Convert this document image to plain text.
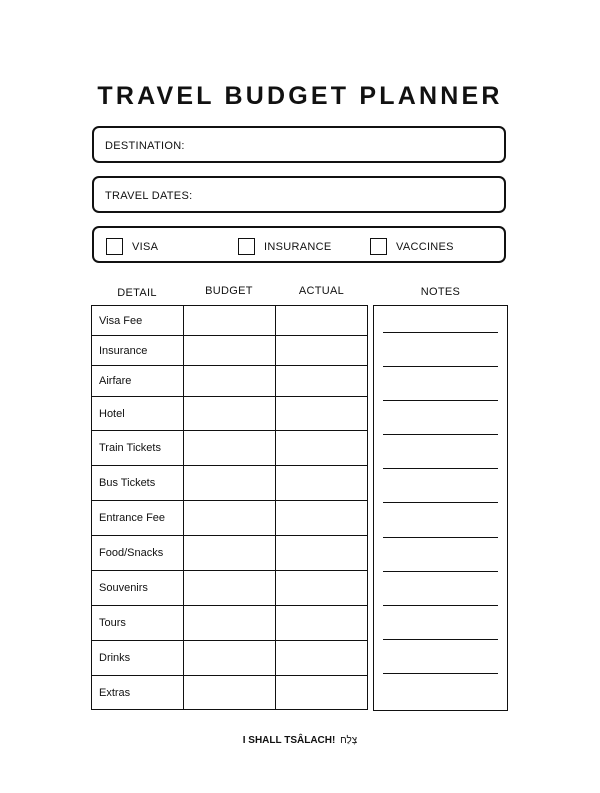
TRAVEL BUDGET PLANNER
DESTINATION:
TRAVEL DATES:
VISA	INSURANCE	VACCINES
DETAIL	BUDGET	ACTUAL	NOTES
Visa Fee		
Insurance		
Airfare		
Hotel		
Train Tickets		
Bus Tickets		
Entrance Fee		
Food/Snacks		
Souvenirs		
Tours		
Drinks		
Extras		
I SHALL TSÂLACH! צָלַח
